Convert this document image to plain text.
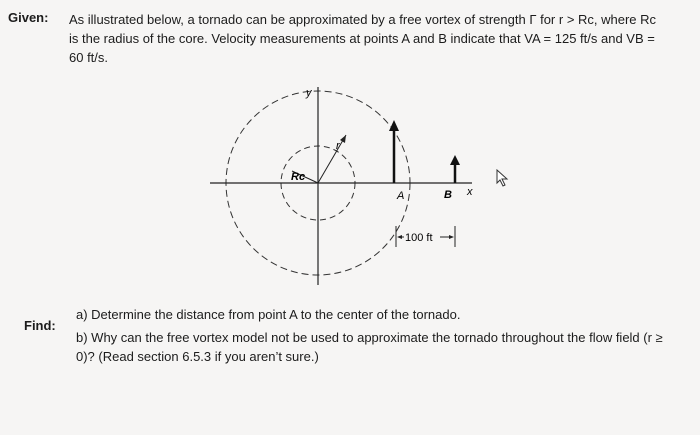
Given: As illustrated below, a tornado can be approximated by a free vortex of strength Γ for r > Rc, where Rc is the radius of the core. Velocity measurements at points A and B indicate that VA = 125 ft/s and VB = 60 ft/s.
y
x
Rc
r
A	B
100 ft
Find:
a) Determine the distance from point A to the center of the tornado.
b) Why can the free vortex model not be used to approximate the tornado throughout the flow field (r ≥ 0)? (Read section 6.5.3 if you aren’t sure.)
